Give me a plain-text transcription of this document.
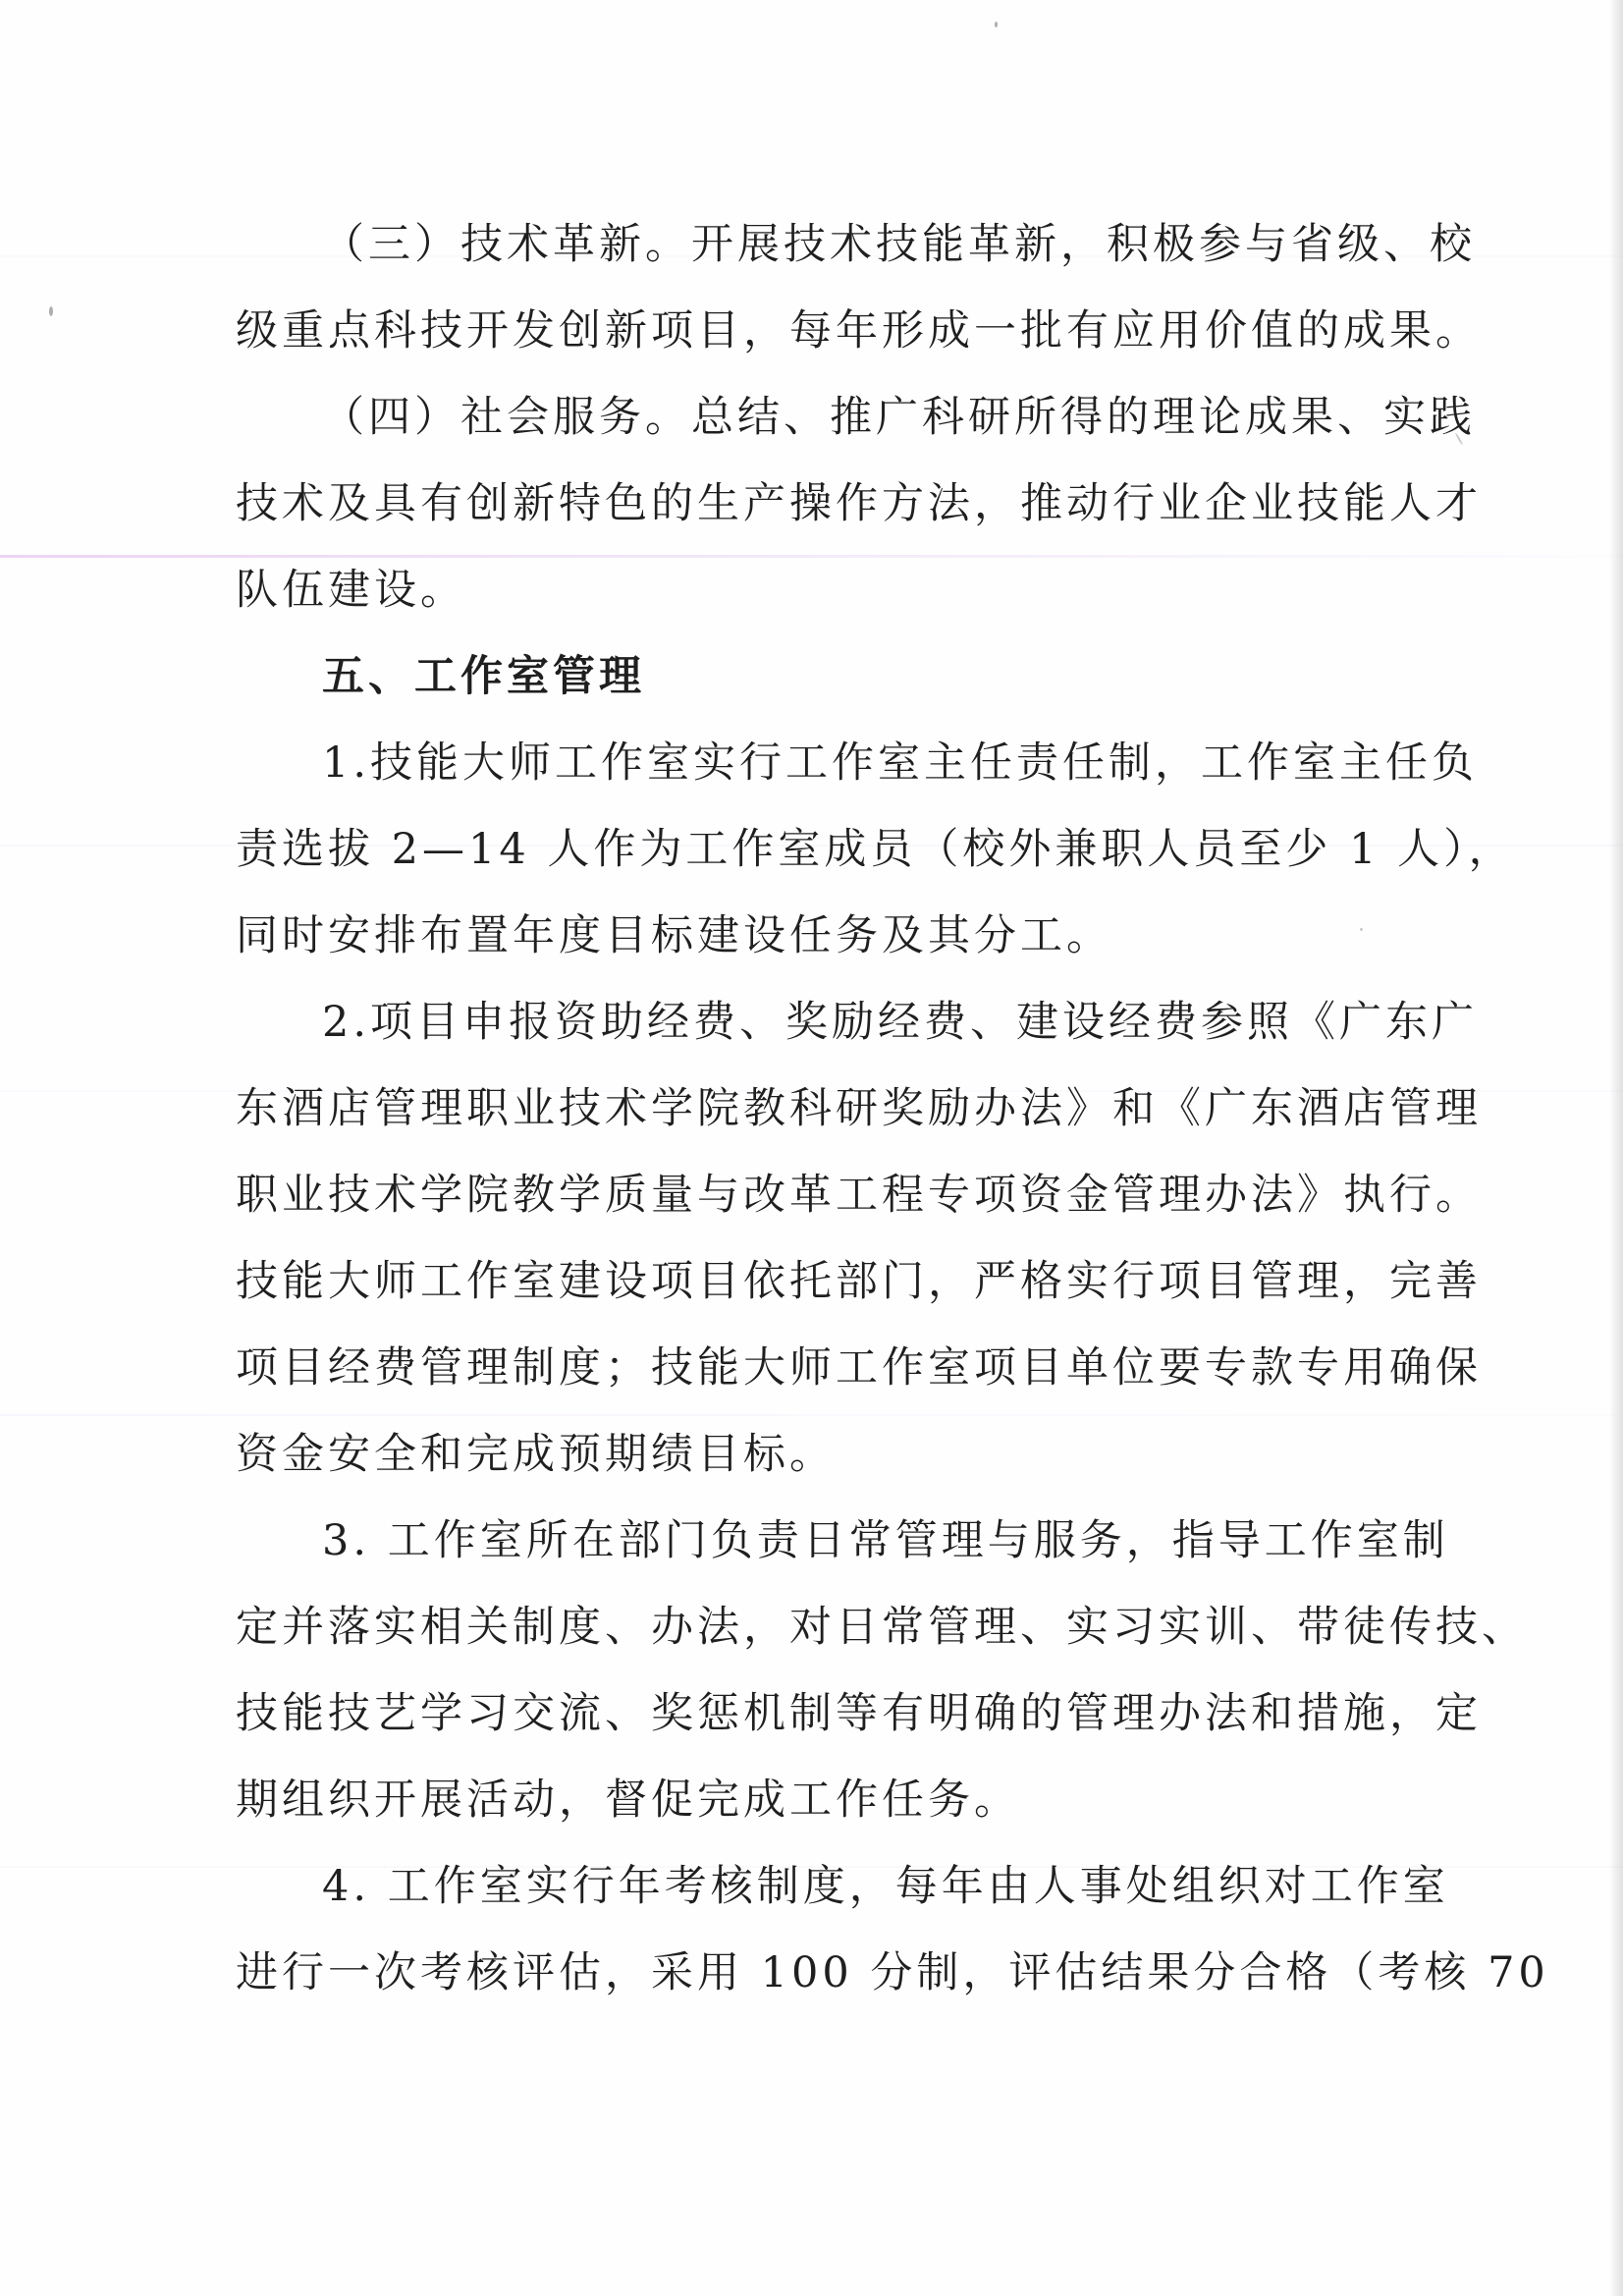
（三）技术革新。开展技术技能革新，积极参与省级、校
级重点科技开发创新项目，每年形成一批有应用价值的成果。
（四）社会服务。总结、推广科研所得的理论成果、实践
技术及具有创新特色的生产操作方法，推动行业企业技能人才
队伍建设。
五、工作室管理
1.技能大师工作室实行工作室主任责任制，工作室主任负
责选拔 2—14 人作为工作室成员（校外兼职人员至少 1 人），
同时安排布置年度目标建设任务及其分工。
2.项目申报资助经费、奖励经费、建设经费参照《广东广
东酒店管理职业技术学院教科研奖励办法》和《广东酒店管理
职业技术学院教学质量与改革工程专项资金管理办法》执行。
技能大师工作室建设项目依托部门，严格实行项目管理，完善
项目经费管理制度；技能大师工作室项目单位要专款专用确保
资金安全和完成预期绩目标。
3. 工作室所在部门负责日常管理与服务，指导工作室制
定并落实相关制度、办法，对日常管理、实习实训、带徒传技、
技能技艺学习交流、奖惩机制等有明确的管理办法和措施，定
期组织开展活动，督促完成工作任务。
4. 工作室实行年考核制度，每年由人事处组织对工作室
进行一次考核评估，采用 100 分制，评估结果分合格（考核 70
